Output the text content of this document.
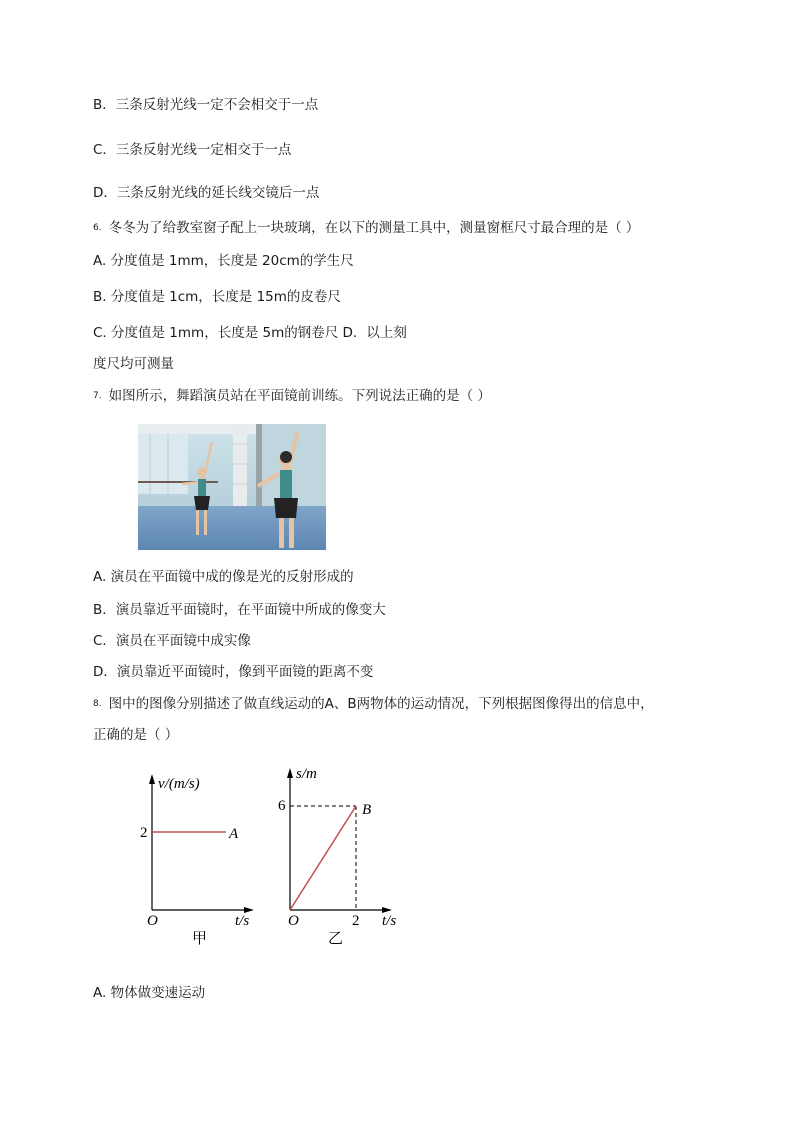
B．三条反射光线一定不会相交于一点
C．三条反射光线一定相交于一点
D．三条反射光线的延长线交镜后一点
6. 冬冬为了给教室窗子配上一块玻璃，在以下的测量工具中，测量窗框尺寸最合理的是（ ）
A. 分度值是 1mm，长度是 20cm的学生尺
B. 分度值是 1cm，长度是 15m的皮卷尺
C. 分度值是 1mm，长度是 5m的钢卷尺 D．以上刻
度尺均可测量
7. 如图所示，舞蹈演员站在平面镜前训练。下列说法正确的是（ ）
A. 演员在平面镜中成的像是光的反射形成的
B．演员靠近平面镜时，在平面镜中所成的像变大
C．演员在平面镜中成实像
D．演员靠近平面镜时，像到平面镜的距离不变
8. 图中的图像分别描述了做直线运动的A、B两物体的运动情况，下列根据图像得出的信息中，
正确的是（ ）
v/(m/s)
2	A
O	t/s
甲
s/m
6	B
O	2 t/s
乙
A. 物体做变速运动
